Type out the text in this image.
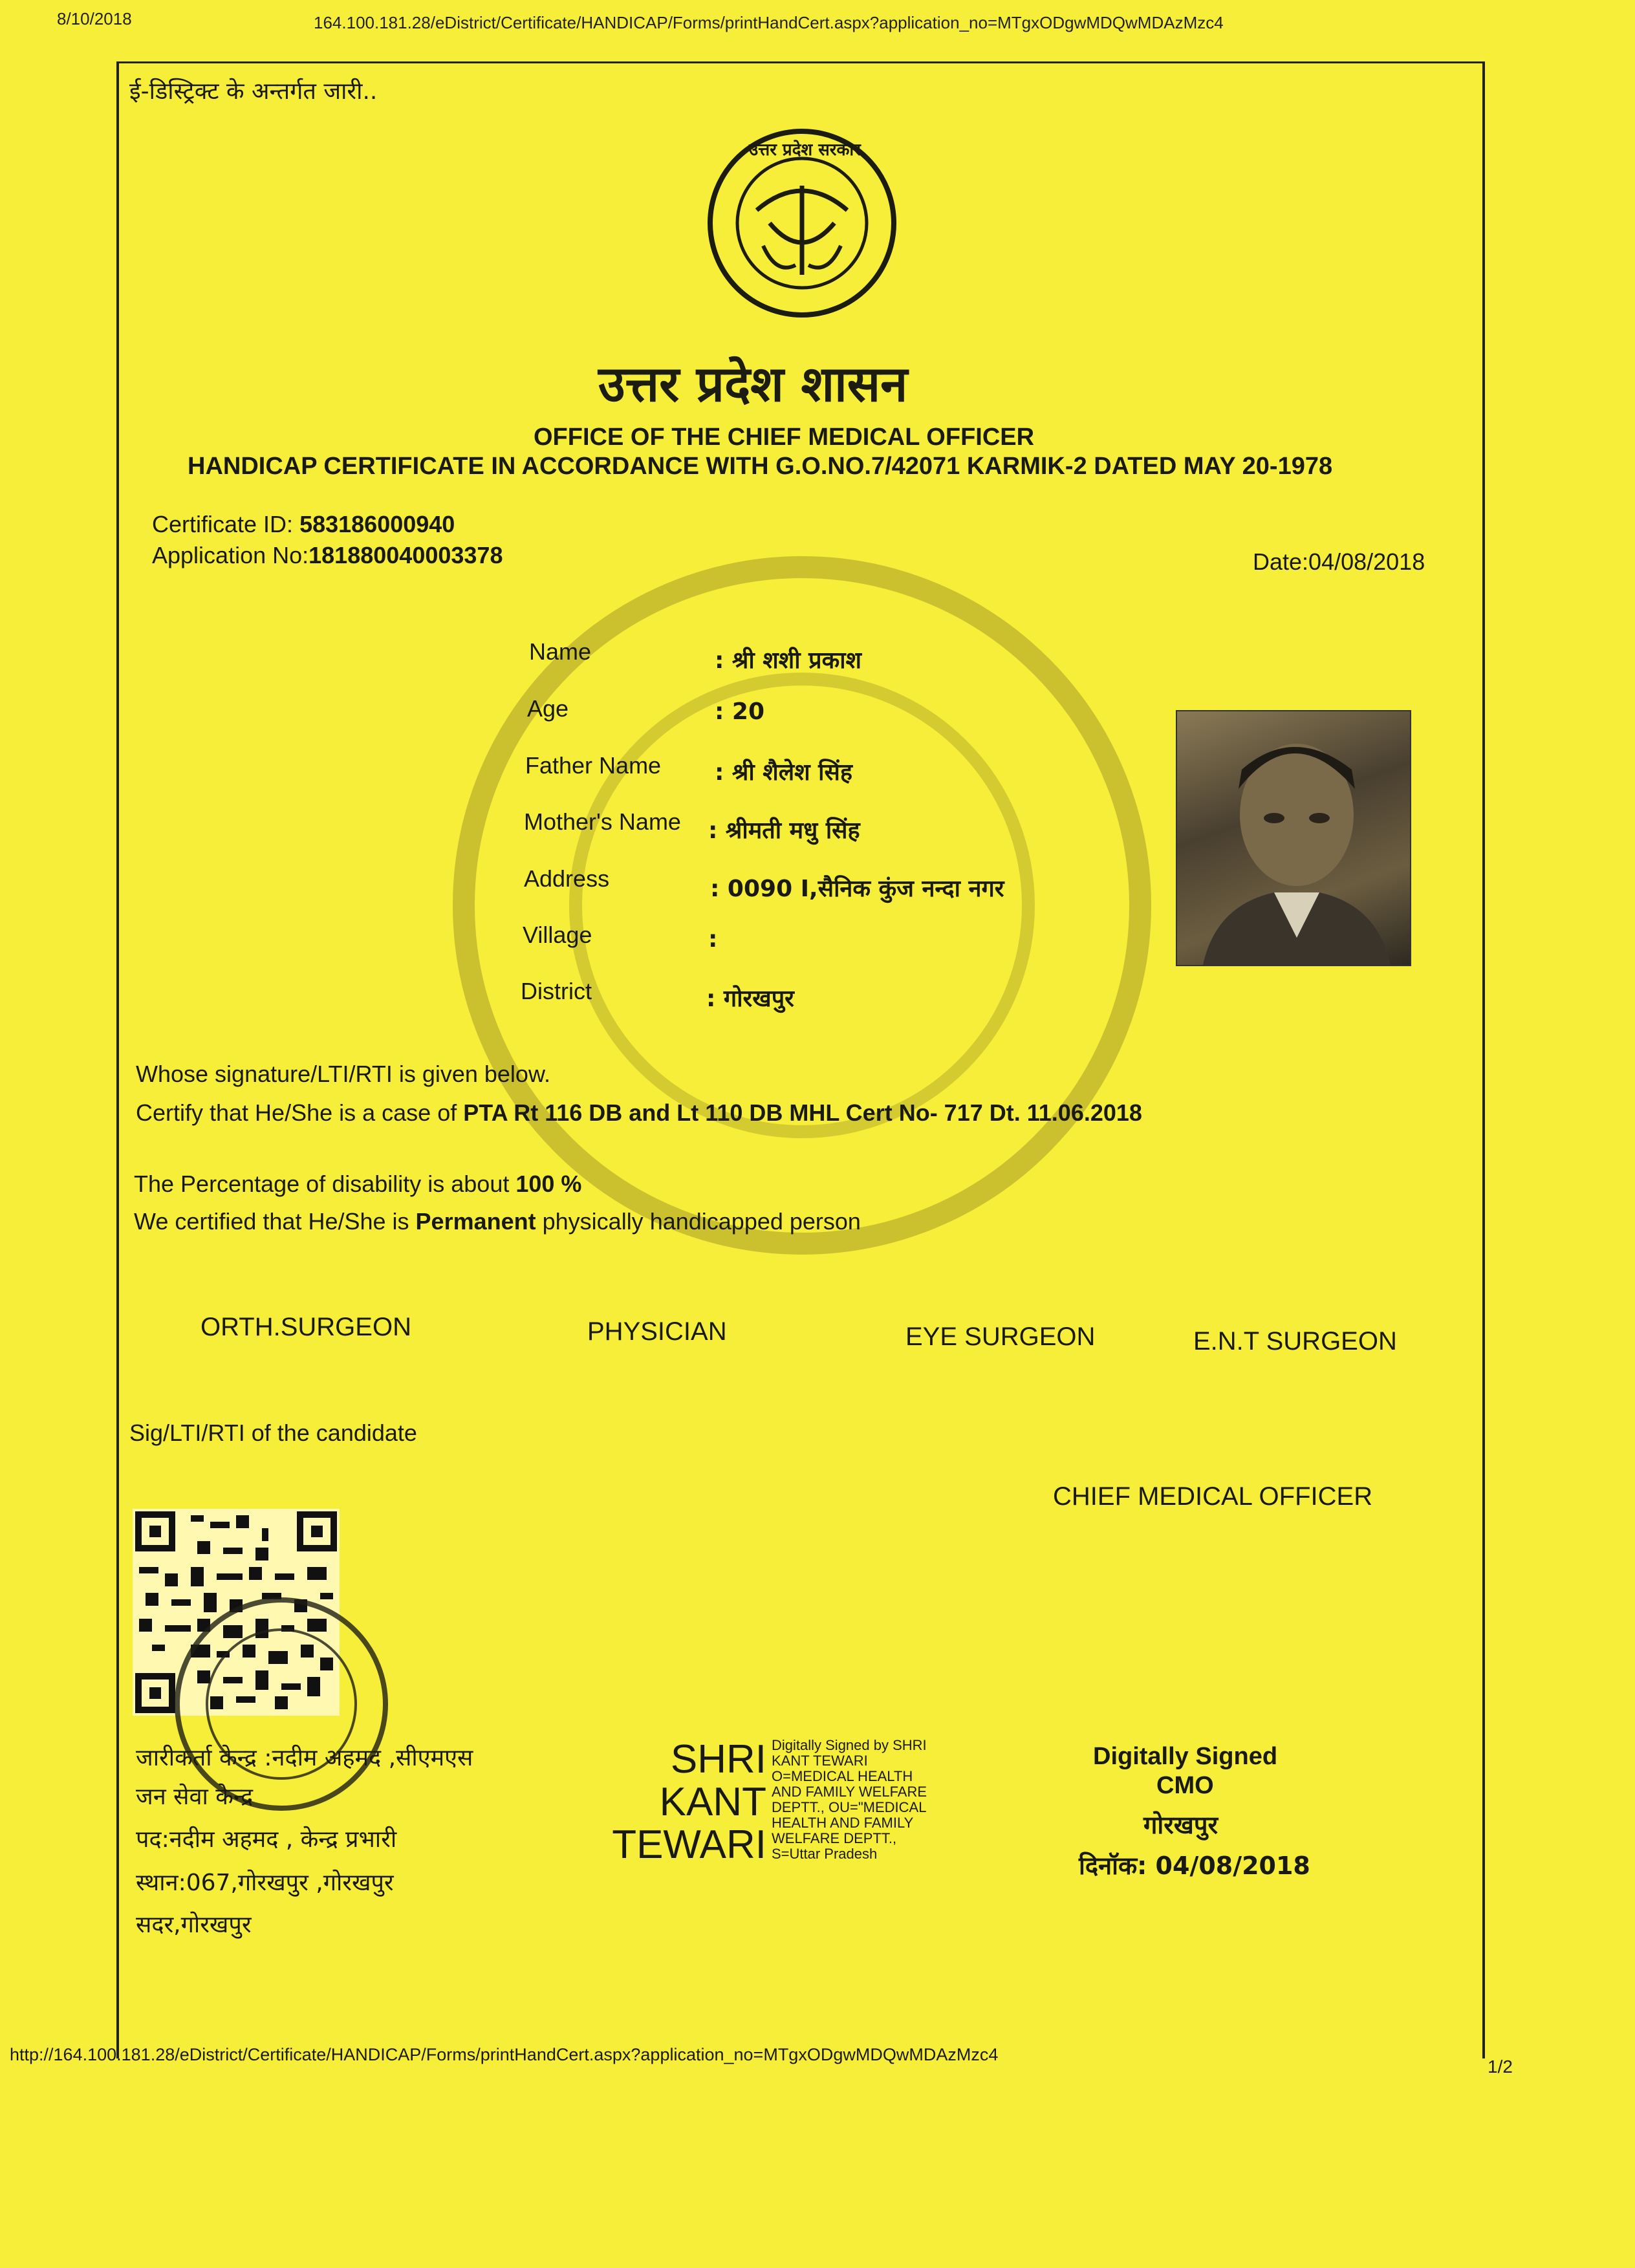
8/10/2018	164.100.181.28/eDistrict/Certificate/HANDICAP/Forms/printHandCert.aspx?application_no=MTgxODgwMDQwMDAzMzc4
ई-डिस्ट्रिक्ट के अन्तर्गत जारी..
उत्तर प्रदेश सरकार
उत्तर प्रदेश शासन
OFFICE OF THE CHIEF MEDICAL OFFICER
HANDICAP CERTIFICATE IN ACCORDANCE WITH G.O.NO.7/42071 KARMIK-2 DATED MAY 20-1978
Certificate ID: 583186000940
Application No:181880040003378	Date:04/08/2018
Name	: श्री शशी प्रकाश
Age	: 20
Father Name : श्री शैलेश सिंह
Mother's Name : श्रीमती मधु सिंह
Address	: 0090 I,सैनिक कुंज नन्दा नगर
Village	:
District	: गोरखपुर
Whose signature/LTI/RTI is given below.
Certify that He/She is a case of PTA Rt 116 DB and Lt 110 DB MHL Cert No- 717 Dt. 11.06.2018
The Percentage of disability is about 100 %
We certified that He/She is Permanent physically handicapped person
ORTH.SURGEON	PHYSICIAN	EYE SURGEON	E.N.T SURGEON
Sig/LTI/RTI of the candidate
CHIEF MEDICAL OFFICER
जारीकर्ता केन्द्र :नदीम अहमद ,सीएमएस
जन सेवा केन्द्र
पद:नदीम अहमद , केन्द्र प्रभारी
स्थान:067,गोरखपुर ,गोरखपुर
सदर,गोरखपुर
SHRI
KANT
TEWARI
Digitally Signed by SHRI
KANT TEWARI
O=MEDICAL HEALTH
AND FAMILY WELFARE
DEPTT., OU="MEDICAL
HEALTH AND FAMILY
WELFARE DEPTT.,
S=Uttar Pradesh
Digitally Signed
CMO
गोरखपुर
दिनॉक: 04/08/2018
http://164.100.181.28/eDistrict/Certificate/HANDICAP/Forms/printHandCert.aspx?application_no=MTgxODgwMDQwMDAzMzc4
1/2
